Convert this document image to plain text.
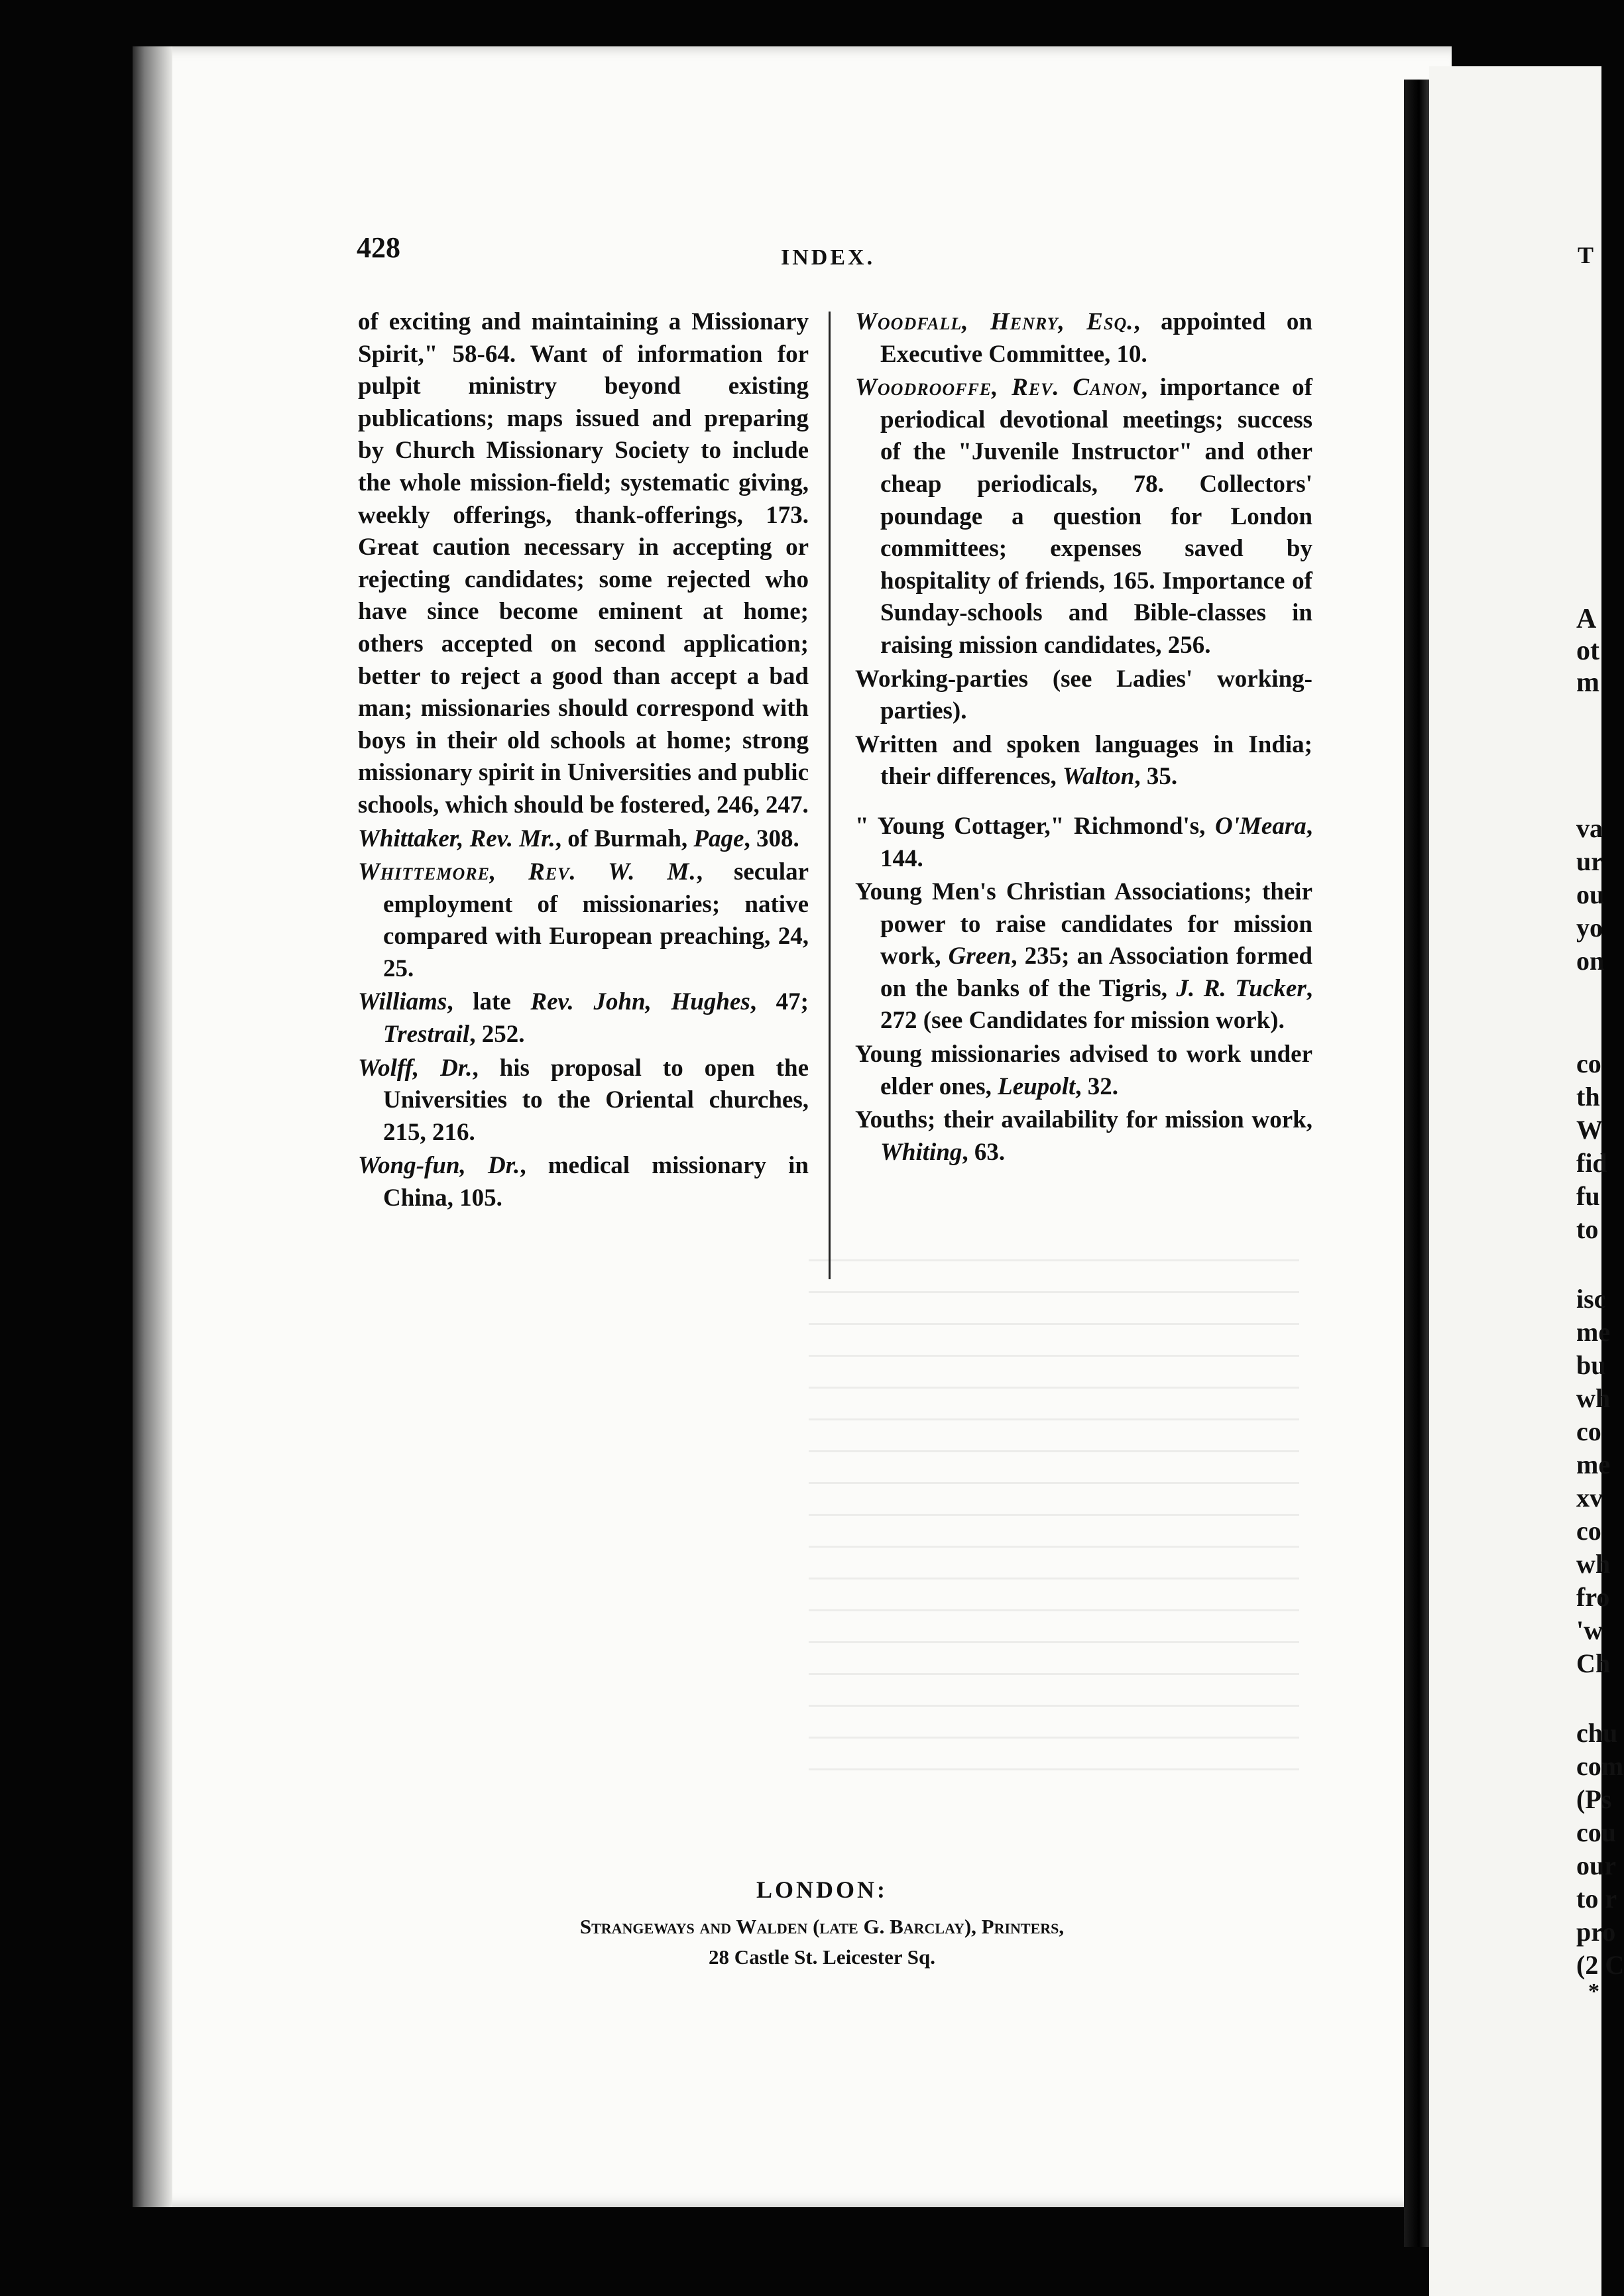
428	INDEX.

of exciting and maintaining a Missionary Spirit," 58-64. Want of information for pulpit ministry beyond existing publications; maps issued and preparing by Church Missionary Society to include the whole mission-field; systematic giving, weekly offerings, thank-offerings, 173. Great caution necessary in accepting or rejecting candidates; some rejected who have since become eminent at home; others accepted on second application; better to reject a good than accept a bad man; missionaries should correspond with boys in their old schools at home; strong missionary spirit in Universities and public schools, which should be fostered, 246, 247.

Whittaker, Rev. Mr., of Burmah, Page, 308.

Whittemore, Rev. W. M., secular employment of missionaries; native compared with European preaching, 24, 25.

Williams, late Rev. John, Hughes, 47; Trestrail, 252.

Wolff, Dr., his proposal to open the Universities to the Oriental churches, 215, 216.

Wong-fun, Dr., medical missionary in China, 105.

Woodfall, Henry, Esq., appointed on Executive Committee, 10.

Woodrooffe, Rev. Canon, importance of periodical devotional meetings; success of the "Juvenile Instructor" and other cheap periodicals, 78. Collectors' poundage a question for London committees; expenses saved by hospitality of friends, 165. Importance of Sunday-schools and Bible-classes in raising mission candidates, 256.

Working-parties (see Ladies' working-parties).

Written and spoken languages in India; their differences, Walton, 35.

" Young Cottager," Richmond's, O'Meara, 144.

Young Men's Christian Associations; their power to raise candidates for mission work, Green, 235; an Association formed on the banks of the Tigris, J. R. Tucker, 272 (see Candidates for mission work).

Young missionaries advised to work under elder ones, Leupolt, 32.

Youths; their availability for mission work, Whiting, 63.

LONDON:
Strangeways and Walden (late G. Barclay), Printers,
28 Castle St. Leicester Sq.
T
A
ot
m
va
ur
ou
yo
on
co
th
W
fid
fu
to
isc
me
bu
wh
co
me
xv
co
wh
fro
'w
Ch
chu
com
(Ps
cou
our
to r
pro
(2 C
*
